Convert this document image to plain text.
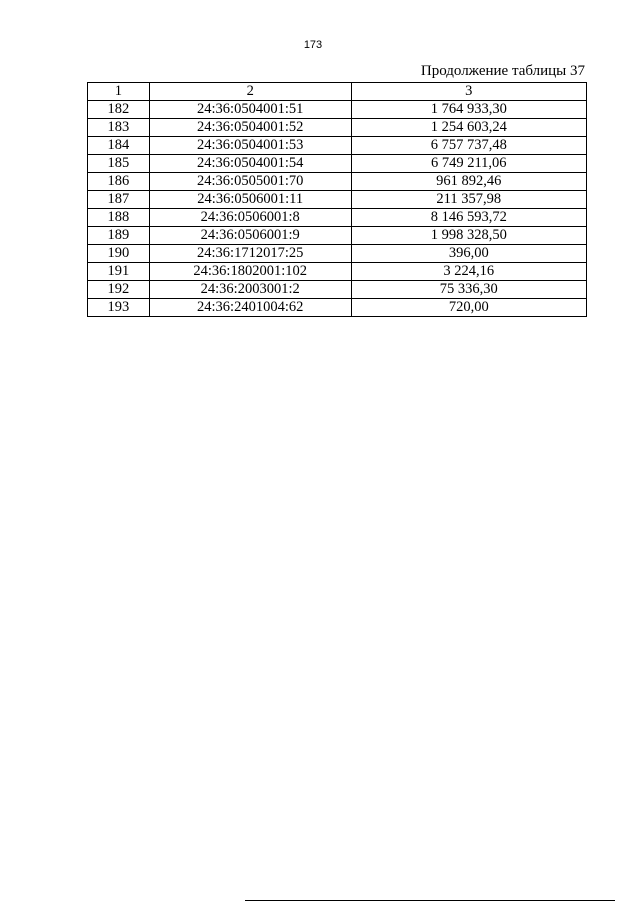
173
Продолжение таблицы 37
1	2	3
182	24:36:0504001:51	1 764 933,30
183	24:36:0504001:52	1 254 603,24
184	24:36:0504001:53	6 757 737,48
185	24:36:0504001:54	6 749 211,06
186	24:36:0505001:70	961 892,46
187	24:36:0506001:11	211 357,98
188	24:36:0506001:8	8 146 593,72
189	24:36:0506001:9	1 998 328,50
190	24:36:1712017:25	396,00
191	24:36:1802001:102	3 224,16
192	24:36:2003001:2	75 336,30
193	24:36:2401004:62	720,00
